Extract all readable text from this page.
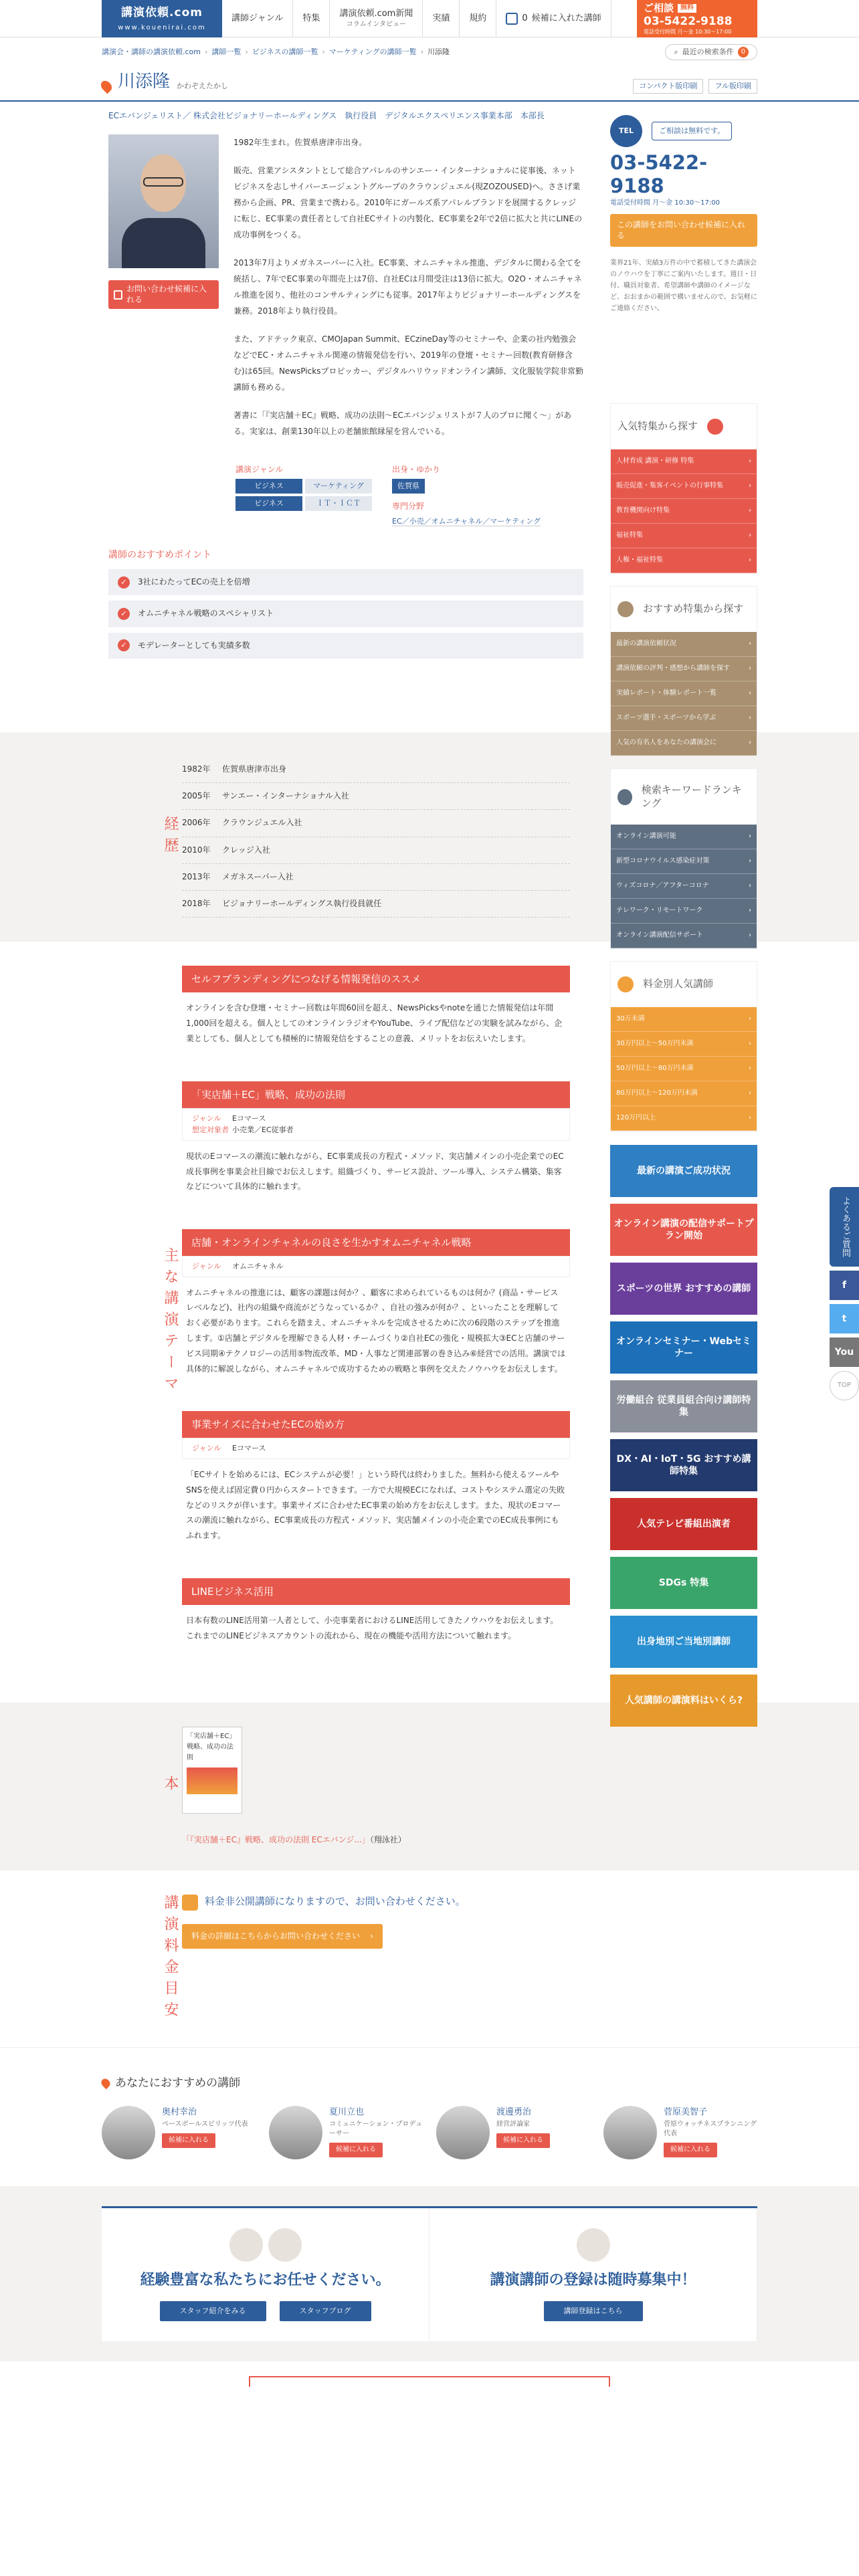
講演依頼.com
www.kouenirai.com
講師ジャンル 特集 講演依頼.com新聞
コラムインタビュー
実績 規約	0 候補に入れた講師
ご相談	無料
03-5422-9188
電話受付時間 月〜金 10:30〜17:00
講演会・講師の講演依頼.com › 講師一覧 › ビジネスの講師一覧 › マーケティングの講師一覧 › 川添隆	⌕ 最近の検索条件	0
川添隆 かわぞえたかし	コンパクト版印刷	フル版印刷
ECエバンジェリスト／ 株式会社ビジョナリーホールディングス　執行役員　デジタルエクスペリエンス事業本部　本部長
お問い合わせ候補に入れる

1982年生まれ。佐賀県唐津市出身。

販売、営業アシスタントとして総合アパレルのサンエー・インターナショナルに従事後、ネットビジネスを志しサイバーエージェントグループのクラウンジュエル(現ZOZOUSED)へ。ささげ業務から企画、PR、営業まで携わる。2010年にガールズ系アパレルブランドを展開するクレッジに転じ、EC事業の責任者として自社ECサイトの内製化、EC事業を2年で2倍に拡大と共にLINEの成功事例をつくる。

2013年7月よりメガネスーパーに入社。EC事業、オムニチャネル推進、デジタルに関わる全てを統括し、7年でEC事業の年間売上は7倍、自社ECは月間受注は13倍に拡大。O2O・オムニチャネル推進を図り、他社のコンサルティングにも従事。2017年よりビジョナリーホールディングスを兼務。2018年より執行役員。

また、アドテック東京、CMOJapan Summit、ECzineDay等のセミナーや、企業の社内勉強会などでEC・オムニチャネル関連の情報発信を行い、2019年の登壇・セミナー回数(教育研修含む)は65回。NewsPicksプロピッカー、デジタルハリウッドオンライン講師、文化服装学院非常勤講師も務める。

著書に「『実店舗＋EC』戦略、成功の法則〜ECエバンジェリストが７人のプロに聞く〜」がある。実家は、創業130年以上の老舗旅館縁屋を営んでいる。

講演ジャンル
ビジネス	マーケティング
ビジネス	ＩＴ・ＩＣＴ
出身・ゆかり
佐賀県
専門分野
EC／小売／オムニチャネル／マーケティング
講師のおすすめポイント
✓	3社にわたってECの売上を倍増
✓	オムニチャネル戦略のスペシャリスト
✓	モデレーターとしても実績多数
TEL	ご相談は無料です。
03-5422-9188
電話受付時間 月〜金 10:30〜17:00
この講師をお問い合わせ候補に入れる
業界21年、実績3万件の中で蓄積してきた講演会のノウハウを丁寧にご案内いたします。週日・日付、職員対象者、希望講師や講師のイメージなど、おおまかの範囲で構いませんので、お気軽にご連絡ください。
経歴
1982年	佐賀県唐津市出身
2005年	サンエー・インターナショナル入社
2006年	クラウンジュエル入社
2010年	クレッジ入社
2013年	メガネスーパー入社
2018年	ビジョナリーホールディングス執行役員就任
主な講演テーマ
セルフブランディングにつなげる情報発信のススメ
オンラインを含む登壇・セミナー回数は年間60回を超え、NewsPicksやnoteを通じた情報発信は年間1,000回を超える。個人としてのオンラインラジオやYouTube、ライブ配信などの実験を試みながら、企業としても、個人としても積極的に情報発信をすることの意義、メリットをお伝えいたします。
「実店舗＋EC」戦略、成功の法則
ジャンル Eコマース
想定対象者 小売業／EC従事者
現状のEコマースの潮流に触れながら、EC事業成長の方程式・メソッド、実店舗メインの小売企業でのEC成長事例を事業会社目線でお伝えします。組織づくり、サービス設計、ツール導入、システム構築、集客などについて具体的に触れます。
店舗・オンラインチャネルの良さを生かすオムニチャネル戦略
ジャンル オムニチャネル
オムニチャネルの推進には、顧客の課題は何か？、顧客に求められているものは何か？(商品・サービスレベルなど)、社内の組織や商流がどうなっているか？、自社の強みが何か？、といったことを理解しておく必要があります。これらを踏まえ、オムニチャネルを完成させるために次の6段階のステップを推進します。①店舗とデジタルを理解できる人材・チームづくり②自社ECの強化・規模拡大③ECと店舗のサービス同期④テクノロジーの活用⑤物流改革、MD・人事など関連部署の巻き込み⑥経営での活用。講演では具体的に解説しながら、オムニチャネルで成功するための戦略と事例を交えたノウハウをお伝えします。
事業サイズに合わせたECの始め方
ジャンル Eコマース
「ECサイトを始めるには、ECシステムが必要！」という時代は終わりました。無料から使えるツールやSNSを使えば固定費０円からスタートできます。一方で大規模ECになれば、コストやシステム選定の失敗などのリスクが伴います。事業サイズに合わせたEC事業の始め方をお伝えします。また、現状のEコマースの潮流に触れながら、EC事業成長の方程式・メソッド、実店舗メインの小売企業でのEC成長事例にもふれます。
LINEビジネス活用
日本有数のLINE活用第一人者として、小売事業者におけるLINE活用してきたノウハウをお伝えします。これまでのLINEビジネスアカウントの流れから、現在の機能や活用方法について触れます。
本
「実店舗＋EC」戦略、成功の法則
「『実店舗＋EC』戦略、成功の法則 ECエバンジ...」（翔泳社）
講演料金目安	料金非公開講師になりますので、お問い合わせください。
料金の詳細はこちらからお問い合わせください ›
あなたにおすすめの講師
奥村幸治
ベースボールスピリッツ代表
候補に入れる
夏川立也
コミュニケーション・プロデューサー
候補に入れる
渡邊勇治
経営評論家
候補に入れる
菅原美智子
菅原ウォッチネスプランニング代表
候補に入れる
経験豊富な私たちにお任せください。
スタッフ紹介をみる	スタッフブログ
講演講師の登録は随時募集中！
講師登録はこちら
入気特集から探す
人材育成 講演・研修 特集	›
販売促進・集客イベントの行事特集	›
教育機関向け特集	›
福祉特集	›
人権・福祉特集	›
おすすめ特集から探す
最新の講演依頼状況	›
講演依頼の評判・感想から講師を探す	›
実績レポート・体験レポート一覧	›
スポーツ選手・スポーツから学ぶ	›
人気の有名人をあなたの講演会に	›
検索キーワードランキング
オンライン講演可能	›
新型コロナウイルス感染症対策	›
ウィズコロナ／アフターコロナ	›
テレワーク・リモートワーク	›
オンライン講演配信サポート	›
料金別人気講師
30万未満	›
30万円以上〜50万円未満	›
50万円以上〜80万円未満	›
80万円以上〜120万円未満	›
120万円以上	›
最新の講演ご成功状況
オンライン講演の配信サポートプラン開始
スポーツの世界 おすすめの講師
オンラインセミナー・Webセミナー
労働組合 従業員組合向け講師特集
DX・AI・IoT・5G おすすめ講師特集
人気テレビ番組出演者
SDGs 特集
出身地別ご当地別講師
人気講師の講演料はいくら?
よくあるご質問
f
t
You
TOP
